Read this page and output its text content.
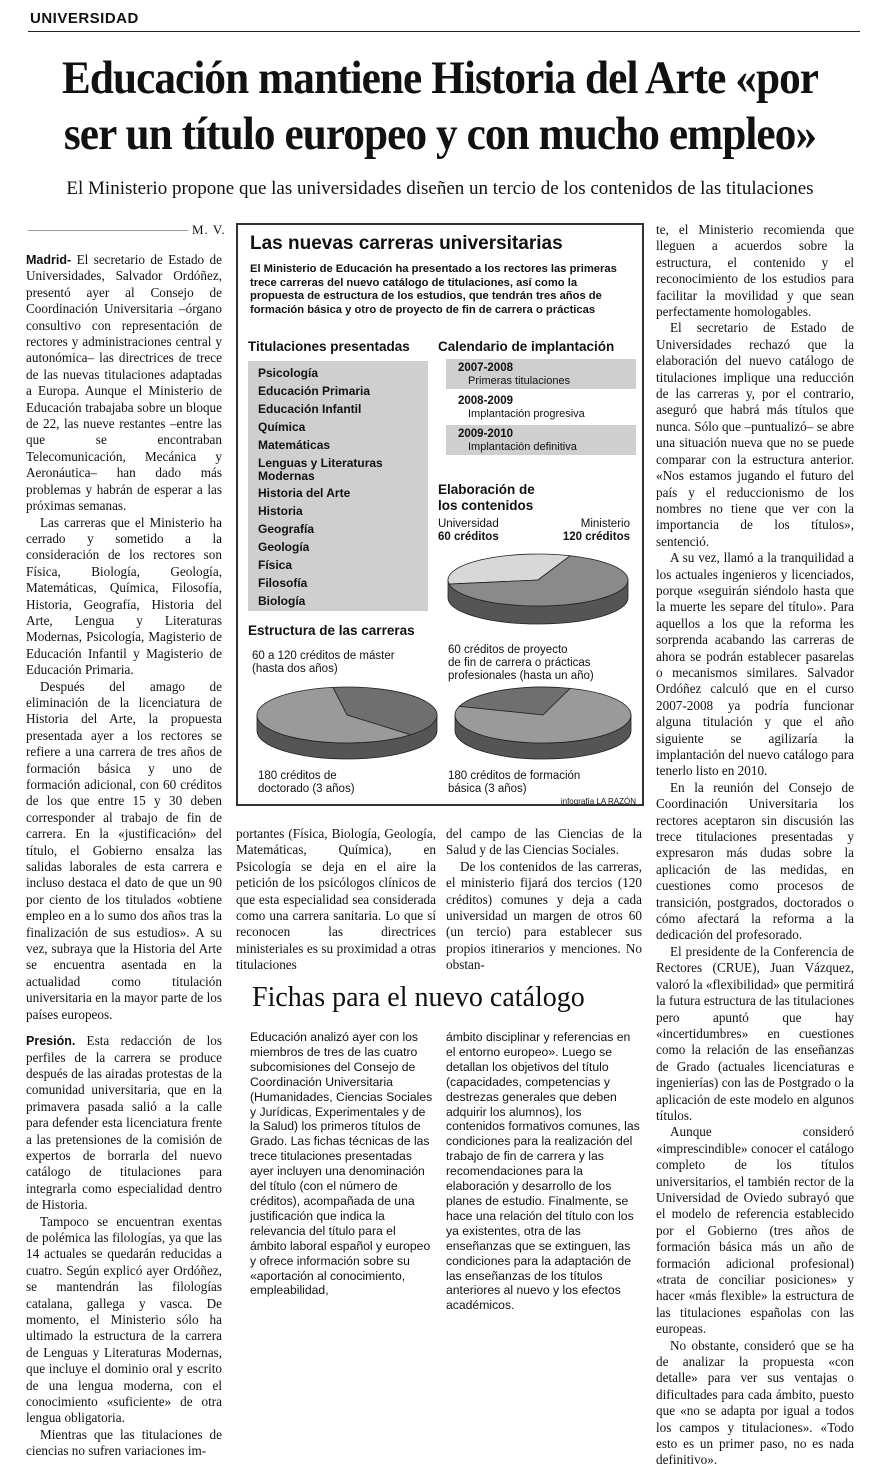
UNIVERSIDAD
Educación mantiene Historia del Arte «por
ser un título europeo y con mucho empleo»
El Ministerio propone que las universidades diseñen un tercio de los contenidos de las titulaciones
M. V.

Madrid- El secretario de Estado de Universidades, Salvador Ordóñez, presentó ayer al Consejo de Coordinación Universitaria –órgano consultivo con representación de rectores y administraciones central y autonómica– las directrices de trece de las nuevas titulaciones adaptadas a Europa. Aunque el Ministerio de Educación trabajaba sobre un bloque de 22, las nueve restantes –entre las que se encontraban Telecomunicación, Mecánica y Aeronáutica– han dado más problemas y habrán de esperar a las próximas semanas.

Las carreras que el Ministerio ha cerrado y sometido a la consideración de los rectores son Física, Biología, Geología, Matemáticas, Química, Filosofía, Historia, Geografía, Historia del Arte, Lengua y Literaturas Modernas, Psicología, Magisterio de Educación Infantil y Magisterio de Educación Primaria.

Después del amago de eliminación de la licenciatura de Historia del Arte, la propuesta presentada ayer a los rectores se refiere a una carrera de tres años de formación básica y uno de formación adicional, con 60 créditos de los que entre 15 y 30 deben corresponder al trabajo de fin de carrera. En la «justificación» del título, el Gobierno ensalza las salidas laborales de esta carrera e incluso destaca el dato de que un 90 por ciento de los titulados «obtiene empleo en a lo sumo dos años tras la finalización de sus estudios». A su vez, subraya que la Historia del Arte se encuentra asentada en la actualidad como titulación universitaria en la mayor parte de los países europeos.

Presión. Esta redacción de los perfiles de la carrera se produce después de las airadas protestas de la comunidad universitaria, que en la primavera pasada salió a la calle para defender esta licenciatura frente a las pretensiones de la comisión de expertos de borrarla del nuevo catálogo de titulaciones para integrarla como especialidad dentro de Historia.

Tampoco se encuentran exentas de polémica las filologías, ya que las 14 actuales se quedarán reducidas a cuatro. Según explicó ayer Ordóñez, se mantendrán las filologías catalana, gallega y vasca. De momento, el Ministerio sólo ha ultimado la estructura de la carrera de Lenguas y Literaturas Modernas, que incluye el dominio oral y escrito de una lengua moderna, con el conocimiento «suficiente» de otra lengua obligatoria.

Mientras que las titulaciones de ciencias no sufren variaciones im-

Las nuevas carreras universitarias
El Ministerio de Educación ha presentado a los rectores las primeras trece carreras del nuevo catálogo de titulaciones, así como la propuesta de estructura de los estudios, que tendrán tres años de formación básica y otro de proyecto de fin de carrera o prácticas
Titulaciones presentadas
Psicología
Educación Primaria
Educación Infantil
Química
Matemáticas
Lenguas y Literaturas Modernas
Historia del Arte
Historia
Geografía
Geología
Física
Filosofía
Biología
Calendario de implantación
2007-2008
Primeras titulaciones
2008-2009
Implantación progresiva
2009-2010
Implantación definitiva
Elaboración de
los contenidos
Universidad
60 créditos
Ministerio
120 créditos
Estructura de las carreras
60 a 120 créditos de máster
(hasta dos años)
180 créditos de
doctorado (3 años)
60 créditos de proyecto
de fin de carrera o prácticas
profesionales (hasta un año)
180 créditos de formación
básica (3 años)
infografía LA RAZÓN

portantes (Física, Biología, Geología, Matemáticas, Química), en Psicología se deja en el aire la petición de los psicólogos clínicos de que esta especialidad sea considerada como una carrera sanitaria. Lo que sí reconocen las directrices ministeriales es su proximidad a otras titulaciones

del campo de las Ciencias de la Salud y de las Ciencias Sociales.

De los contenidos de las carreras, el ministerio fijará dos tercios (120 créditos) comunes y deja a cada universidad un margen de otros 60 (un tercio) para establecer sus propios itinerarios y menciones. No obstan-

te, el Ministerio recomienda que lleguen a acuerdos sobre la estructura, el contenido y el reconocimiento de los estudios para facilitar la movilidad y que sean perfectamente homologables.

El secretario de Estado de Universidades rechazó que la elaboración del nuevo catálogo de titulaciones implique una reducción de las carreras y, por el contrario, aseguró que habrá más títulos que nunca. Sólo que –puntualizó– se abre una situación nueva que no se puede comparar con la estructura anterior. «Nos estamos jugando el futuro del país y el reduccionismo de los nombres no tiene que ver con la importancia de los títulos», sentenció.

A su vez, llamó a la tranquilidad a los actuales ingenieros y licenciados, porque «seguirán siéndolo hasta que la muerte les separe del título». Para aquellos a los que la reforma les sorprenda acabando las carreras de ahora se podrán establecer pasarelas o mecanismos similares. Salvador Ordóñez calculó que en el curso 2007-2008 ya podría funcionar alguna titulación y que el año siguiente se agilizaría la implantación del nuevo catálogo para tenerlo listo en 2010.

En la reunión del Consejo de Coordinación Universitaria los rectores aceptaron sin discusión las trece titulaciones presentadas y expresaron más dudas sobre la aplicación de las medidas, en cuestiones como procesos de transición, postgrados, doctorados o cómo afectará la reforma a la dedicación del profesorado.

El presidente de la Conferencia de Rectores (CRUE), Juan Vázquez, valoró la «flexibilidad» que permitirá la futura estructura de las titulaciones pero apuntó que hay «incertidumbres» en cuestiones como la relación de las enseñanzas de Grado (actuales licenciaturas e ingenierías) con las de Postgrado o la aplicación de este modelo en algunos títulos.

Aunque consideró «imprescindible» conocer el catálogo completo de los títulos universitarios, el también rector de la Universidad de Oviedo subrayó que el modelo de referencia establecido por el Gobierno (tres años de formación básica más un año de formación adicional profesional) «trata de conciliar posiciones» y hacer «más flexible» la estructura de las titulaciones españolas con las europeas.

No obstante, consideró que se ha de analizar la propuesta «con detalle» para ver sus ventajas o dificultades para cada ámbito, puesto que «no se adapta por igual a todos los campos y titulaciones». «Todo esto es un primer paso, no es nada definitivo».

Fichas para el nuevo catálogo

Educación analizó ayer con los miembros de tres de las cuatro subcomisiones del Consejo de Coordinación Universitaria (Humanidades, Ciencias Sociales y Jurídicas, Experimentales y de la Salud) los primeros títulos de Grado. Las fichas técnicas de las trece titulaciones presentadas ayer incluyen una denominación del título (con el número de créditos), acompañada de una justificación que indica la relevancia del título para el ámbito laboral español y europeo y ofrece información sobre su «aportación al conocimiento, empleabilidad,

ámbito disciplinar y referencias en el entorno europeo». Luego se detallan los objetivos del título (capacidades, competencias y destrezas generales que deben adquirir los alumnos), los contenidos formativos comunes, las condiciones para la realización del trabajo de fin de carrera y las recomendaciones para la elaboración y desarrollo de los planes de estudio. Finalmente, se hace una relación del título con los ya existentes, otra de las enseñanzas que se extinguen, las condiciones para la adaptación de las enseñanzas de los títulos anteriores al nuevo y los efectos académicos.
